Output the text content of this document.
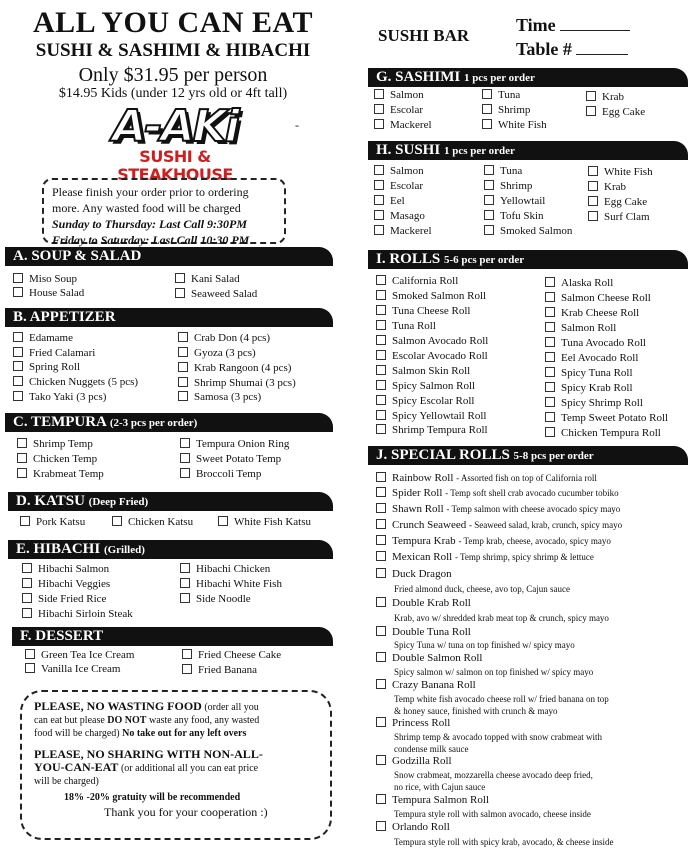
ALL YOU CAN EAT
SUSHI & SASHIMI & HIBACHI
Only $31.95 per person
$14.95 Kids (under 12 yrs old or 4ft tall)
A-AKi
SUSHI & STEAKHOUSE
-
Please finish your order prior to ordering
more. Any wasted food will be charged
Sunday to Thursday: Last Call 9:30PM
Friday to Saturday: Last Call 10:30 PM
SUSHI BAR
Time
Table #
A. SOUP & SALAD
Miso Soup
House Salad
Kani Salad
Seaweed Salad
B. APPETIZER
Edamame
Fried Calamari
Spring Roll
Chicken Nuggets (5 pcs)
Tako Yaki (3 pcs)
Crab Don (4 pcs)
Gyoza (3 pcs)
Krab Rangoon (4 pcs)
Shrimp Shumai (3 pcs)
Samosa (3 pcs)
C. TEMPURA (2-3 pcs per order)
Shrimp Temp
Chicken Temp
Krabmeat Temp
Tempura Onion Ring
Sweet Potato Temp
Broccoli Temp
D. KATSU (Deep Fried)
Pork Katsu	Chicken Katsu	White Fish Katsu
E. HIBACHI (Grilled)
Hibachi Salmon
Hibachi Veggies
Side Fried Rice
Hibachi Sirloin Steak
Hibachi Chicken
Hibachi White Fish
Side Noodle
F. DESSERT
Green Tea Ice Cream
Vanilla Ice Cream
Fried Cheese Cake
Fried Banana
PLEASE, NO WASTING FOOD (order all you
can eat but please DO NOT waste any food, any wasted
food will be charged) No take out for any left overs
PLEASE, NO SHARING WITH NON-ALL-
YOU-CAN-EAT (or additional all you can eat price
will be charged)
18% -20% gratuity will be recommended
Thank you for your cooperation :)
G. SASHIMI 1 pcs per order
Salmon
Escolar
Mackerel
Tuna
Shrimp
White Fish
Krab
Egg Cake
H. SUSHI 1 pcs per order
Salmon
Escolar
Eel
Masago
Mackerel
Tuna
Shrimp
Yellowtail
Tofu Skin
Smoked Salmon
White Fish
Krab
Egg Cake
Surf Clam
I. ROLLS 5-6 pcs per order
California Roll
Smoked Salmon Roll
Tuna Cheese Roll
Tuna Roll
Salmon Avocado Roll
Escolar Avocado Roll
Salmon Skin Roll
Spicy Salmon Roll
Spicy Escolar Roll
Spicy Yellowtail Roll
Shrimp Tempura Roll
Alaska Roll
Salmon Cheese Roll
Krab Cheese Roll
Salmon Roll
Tuna Avocado Roll
Eel Avocado Roll
Spicy Tuna Roll
Spicy Krab Roll
Spicy Shrimp Roll
Temp Sweet Potato Roll
Chicken Tempura Roll
J. SPECIAL ROLLS 5-8 pcs per order
Rainbow Roll - Assorted fish on top of California roll
Spider Roll - Temp soft shell crab avocado cucumber tobiko
Shawn Roll - Temp salmon with cheese avocado spicy mayo
Crunch Seaweed - Seaweed salad, krab, crunch, spicy mayo
Tempura Krab - Temp krab, cheese, avocado, spicy mayo
Mexican Roll - Temp shrimp, spicy shrimp & lettuce
Duck Dragon
Fried almond duck, cheese, avo top, Cajun sauce
Double Krab Roll
Krab, avo w/ shredded krab meat top & crunch, spicy mayo
Double Tuna Roll
Spicy Tuna w/ tuna on top finished w/ spicy mayo
Double Salmon Roll
Spicy salmon w/ salmon on top finished w/ spicy mayo
Crazy Banana Roll
Temp white fish avocado cheese roll w/ fried banana on top
& honey sauce, finished with crunch & mayo
Princess Roll
Shrimp temp & avocado topped with snow crabmeat with
condense milk sauce
Godzilla Roll
Snow crabmeat, mozzarella cheese avocado deep fried,
no rice, with Cajun sauce
Tempura Salmon Roll
Tempura style roll with salmon avocado, cheese inside
Orlando Roll
Tempura style roll with spicy krab, avocado, & cheese inside
